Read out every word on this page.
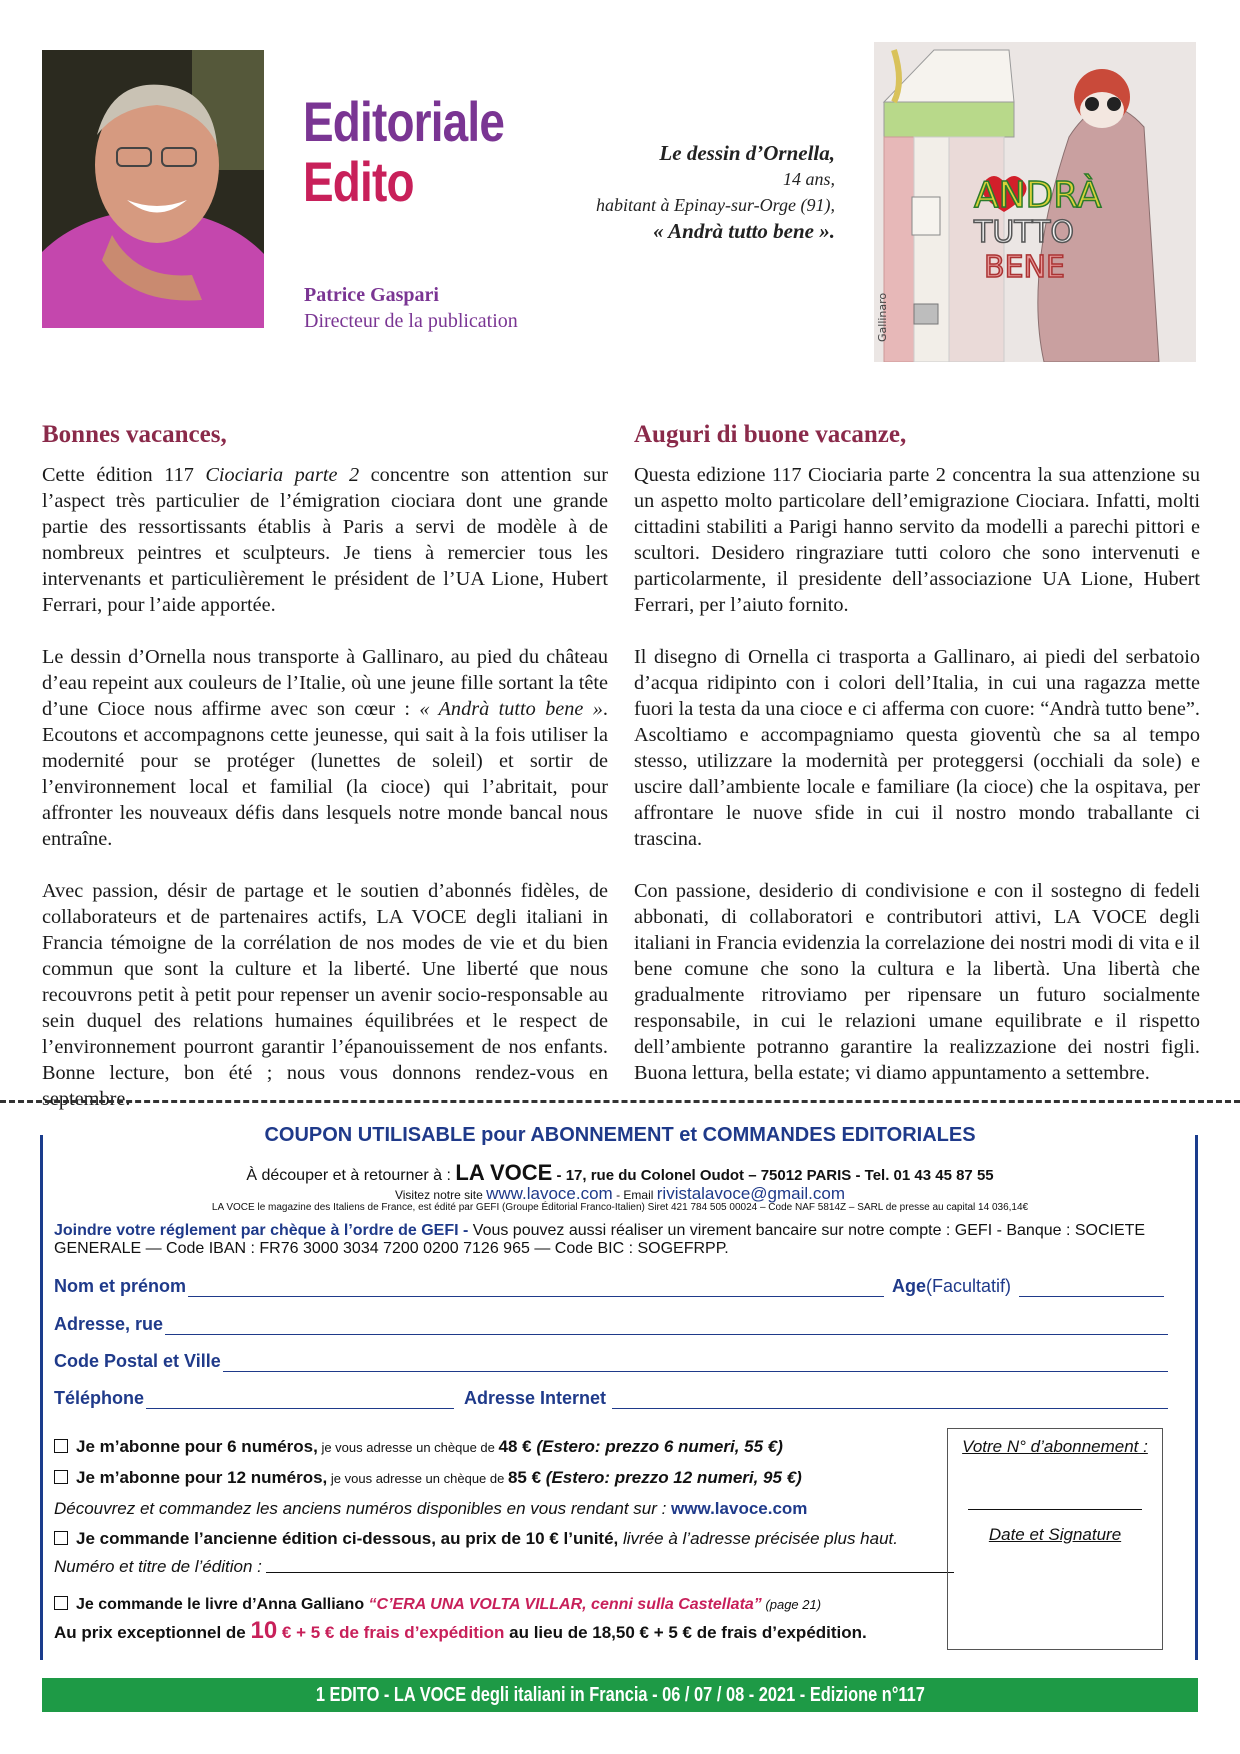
Editoriale
Edito
Patrice Gaspari
Directeur de la publication
Le dessin d’Ornella,
14 ans,
habitant à Epinay-sur-Orge (91),
« Andrà tutto bene ».
ANDRÀ
TUTTO
BENE
Gallinaro
Bonnes vacances,

Cette édition 117 Ciociaria parte 2 concentre son attention sur l’aspect très particulier de l’émigration ciociara dont une grande partie des ressortissants établis à Paris a servi de modèle à de nombreux peintres et sculpteurs. Je tiens à remercier tous les intervenants et particulièrement le président de l’UA Lione, Hubert Ferrari, pour l’aide apportée.

Le dessin d’Ornella nous transporte à Gallinaro, au pied du château d’eau repeint aux couleurs de l’Italie, où une jeune fille sortant la tête d’une Cioce nous affirme avec son cœur : « Andrà tutto bene ». Ecoutons et accompagnons cette jeunesse, qui sait à la fois utiliser la modernité pour se protéger (lunettes de soleil) et sortir de l’environnement local et familial (la cioce) qui l’abritait, pour affronter les nouveaux défis dans lesquels notre monde bancal nous entraîne.

Avec passion, désir de partage et le soutien d’abonnés fidèles, de collaborateurs et de partenaires actifs, LA VOCE degli italiani in Francia témoigne de la corrélation de nos modes de vie et du bien commun que sont la culture et la liberté. Une liberté que nous recouvrons petit à petit pour repenser un avenir socio-responsable au sein duquel des relations humaines équilibrées et le respect de l’environnement pourront garantir l’épanouissement de nos enfants. Bonne lecture, bon été ; nous vous donnons rendez-vous en septembre.

Auguri di buone vacanze,

Questa edizione 117 Ciociaria parte 2 concentra la sua attenzione su un aspetto molto particolare dell’emigrazione Ciociara. Infatti, molti cittadini stabiliti a Parigi hanno servito da modelli a parechi pittori e scultori. Desidero ringraziare tutti coloro che sono intervenuti e particolarmente, il presidente dell’associazione UA Lione, Hubert Ferrari, per l’aiuto fornito.

Il disegno di Ornella ci trasporta a Gallinaro, ai piedi del serbatoio d’acqua ridipinto con i colori dell’Italia, in cui una ragazza mette fuori la testa da una cioce e ci afferma con cuore: “Andrà tutto bene”. Ascoltiamo e accompagniamo questa gioventù che sa al tempo stesso, utilizzare la modernità per proteggersi (occhiali da sole) e uscire dall’ambiente locale e familiare (la cioce) che la ospitava, per affrontare le nuove sfide in cui il nostro mondo traballante ci trascina.

Con passione, desiderio di condivisione e con il sostegno di fedeli abbonati, di collaboratori e contributori attivi, LA VOCE degli italiani in Francia evidenzia la correlazione dei nostri modi di vita e il bene comune che sono la cultura e la libertà. Una libertà che gradualmente ritroviamo per ripensare un futuro socialmente responsabile, in cui le relazioni umane equilibrate e il rispetto dell’ambiente potranno garantire la realizzazione dei nostri figli. Buona lettura, bella estate; vi diamo appuntamento a settembre.

COUPON UTILISABLE pour ABONNEMENT et COMMANDES EDITORIALES
À découper et à retourner à : LA VOCE - 17, rue du Colonel Oudot – 75012 PARIS - Tel. 01 43 45 87 55
Visitez notre site www.lavoce.com - Email rivistalavoce@gmail.com
LA VOCE le magazine des Italiens de France, est édité par GEFI (Groupe Éditorial Franco-Italien) Siret 421 784 505 00024 – Code NAF 5814Z – SARL de presse au capital 14 036,14€
Joindre votre réglement par chèque à l’ordre de GEFI - Vous pouvez aussi réaliser un virement bancaire sur notre compte : GEFI - Banque : SOCIETE GENERALE — Code IBAN : FR76 3000 3034 7200 0200 7126 965 — Code BIC : SOGEFRPP.
Nom et prénom	Age (Facultatif)
Adresse, rue
Code Postal et Ville
Téléphone	Adresse Internet
Je m’abonne pour 6 numéros, je vous adresse un chèque de 48 € (Estero: prezzo 6 numeri, 55 €)
Je m’abonne pour 12 numéros, je vous adresse un chèque de 85 € (Estero: prezzo 12 numeri, 95 €)
Découvrez et commandez les anciens numéros disponibles en vous rendant sur : www.lavoce.com
Je commande l’ancienne édition ci-dessous, au prix de 10 € l’unité, livrée à l’adresse précisée plus haut.
Numéro et titre de l’édition :
Je commande le livre d’Anna Galliano “C’ERA UNA VOLTA VILLAR, cenni sulla Castellata” (page 21)
Au prix exceptionnel de 10 € + 5 € de frais d’expédition au lieu de 18,50 € + 5 € de frais d’expédition.
Votre N° d’abonnement :
Date et Signature
1 EDITO - LA VOCE degli italiani in Francia - 06 / 07 / 08 - 2021 - Edizione n°117
